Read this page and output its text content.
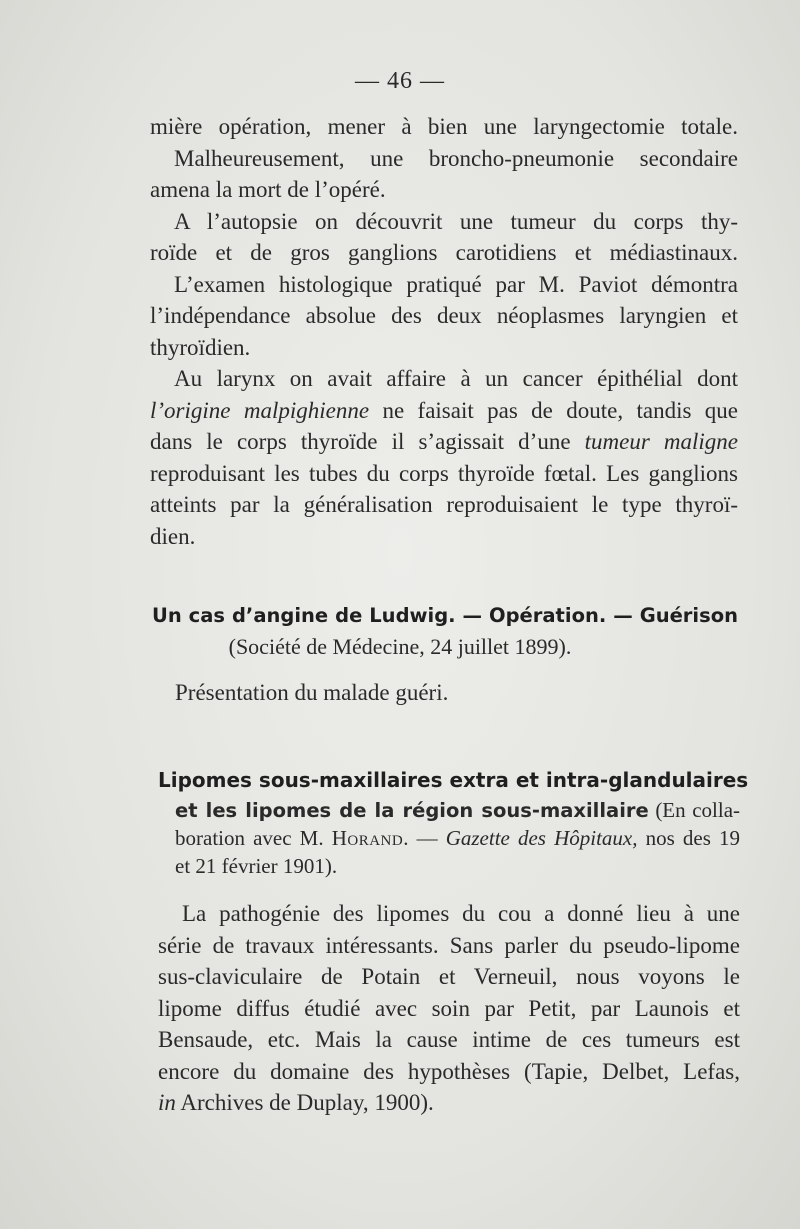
— 46 —
mière opération, mener à bien une laryngectomie totale.
Malheureusement, une broncho-pneumonie secondaire
amena la mort de l’opéré.
A l’autopsie on découvrit une tumeur du corps thy-
roïde et de gros ganglions carotidiens et médiastinaux.
L’examen histologique pratiqué par M. Paviot démontra
l’indépendance absolue des deux néoplasmes laryngien et
thyroïdien.
Au larynx on avait affaire à un cancer épithélial dont
l’origine malpighienne ne faisait pas de doute, tandis que
dans le corps thyroïde il s’agissait d’une tumeur maligne
reproduisant les tubes du corps thyroïde fœtal. Les ganglions
atteints par la généralisation reproduisaient le type thyroï-
dien.
Un cas d’angine de Ludwig. — Opération. — Guérison
(Société de Médecine, 24 juillet 1899).
Présentation du malade guéri.
Lipomes sous-maxillaires extra et intra-glandulaires
et les lipomes de la région sous-maxillaire (En colla-
boration avec M. Horand. — Gazette des Hôpitaux, nos des 19
et 21 février 1901).
La pathogénie des lipomes du cou a donné lieu à une
série de travaux intéressants. Sans parler du pseudo-lipome
sus-claviculaire de Potain et Verneuil, nous voyons le
lipome diffus étudié avec soin par Petit, par Launois et
Bensaude, etc. Mais la cause intime de ces tumeurs est
encore du domaine des hypothèses (Tapie, Delbet, Lefas,
in Archives de Duplay, 1900).
